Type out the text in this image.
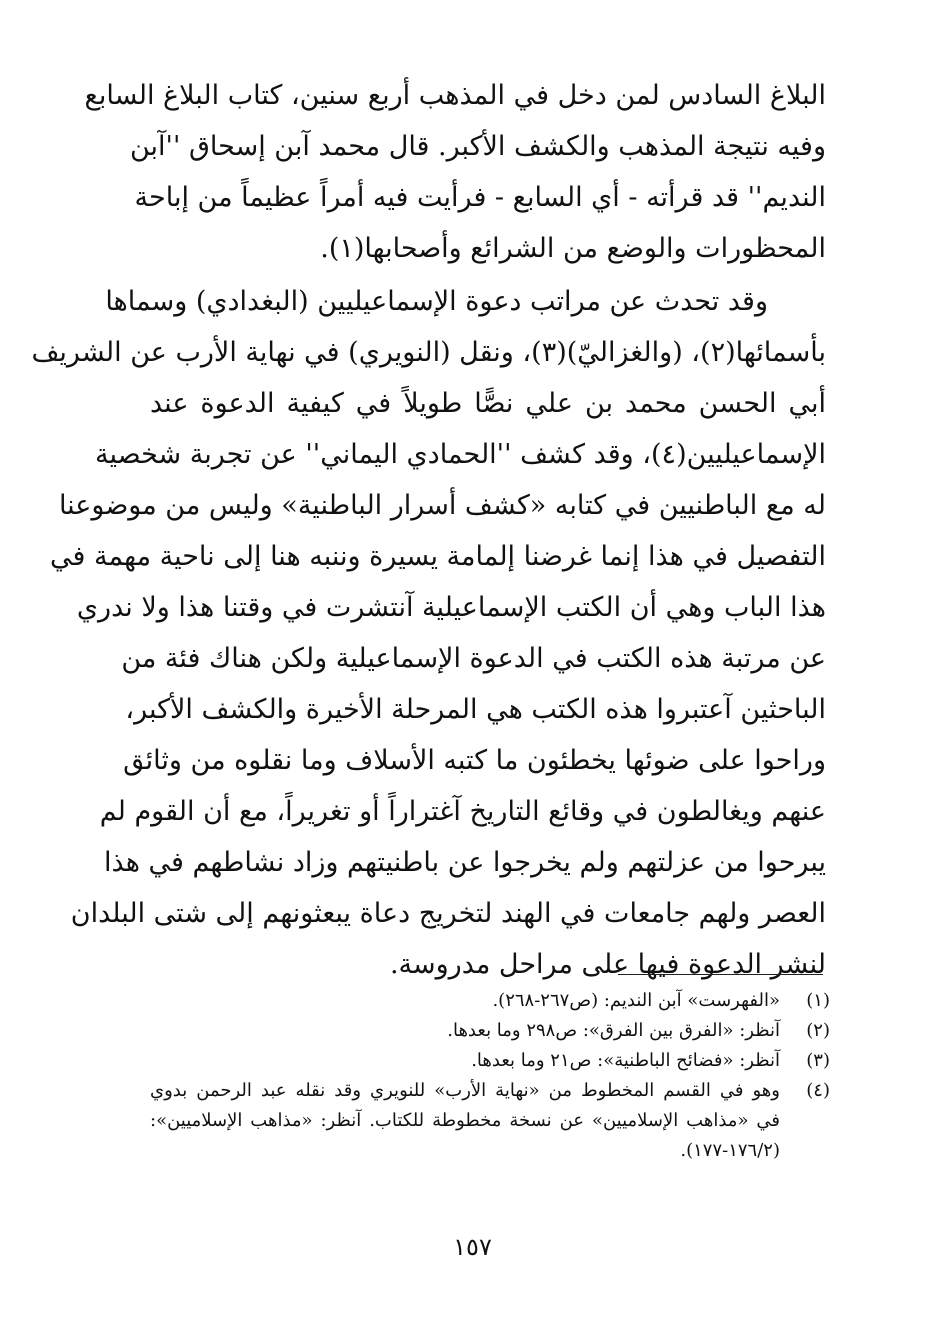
البلاغ السادس لمن دخل في المذهب أربع سنين، كتاب البلاغ السابع
وفيه نتيجة المذهب والكشف الأكبر. قال محمد آبن إسحاق ''آبن
النديم'' قد قرأته - أي السابع - فرأيت فيه أمراً عظيماً من إباحة
المحظورات والوضع من الشرائع وأصحابها(١).
وقد تحدث عن مراتب دعوة الإسماعيليين (البغدادي) وسماها
بأسمائها(٢)، (والغزاليّ)(٣)، ونقل (النويري) في نهاية الأرب عن الشريف
أبي الحسن محمد بن علي نصًّا طويلاً في كيفية الدعوة عند
الإسماعيليين(٤)، وقد كشف ''الحمادي اليماني'' عن تجربة شخصية
له مع الباطنيين في كتابه «كشف أسرار الباطنية» وليس من موضوعنا
التفصيل في هذا إنما غرضنا إلمامة يسيرة وننبه هنا إلى ناحية مهمة في
هذا الباب وهي أن الكتب الإسماعيلية آنتشرت في وقتنا هذا ولا ندري
عن مرتبة هذه الكتب في الدعوة الإسماعيلية ولكن هناك فئة من
الباحثين آعتبروا هذه الكتب هي المرحلة الأخيرة والكشف الأكبر،
وراحوا على ضوئها يخطئون ما كتبه الأسلاف وما نقلوه من وثائق
عنهم ويغالطون في وقائع التاريخ آغتراراً أو تغريراً، مع أن القوم لم
يبرحوا من عزلتهم ولم يخرجوا عن باطنيتهم وزاد نشاطهم في هذا
العصر ولهم جامعات في الهند لتخريج دعاة يبعثونهم إلى شتى البلدان
لنشر الدعوة فيها على مراحل مدروسة.
(١)
«الفهرست» آبن النديم: (ص٢٦٧-٢٦٨).
(٢)
آنظر: «الفرق بين الفرق»: ص٢٩٨ وما بعدها.
(٣)
آنظر: «فضائح الباطنية»: ص٢١ وما بعدها.
(٤)
وهو في القسم المخطوط من «نهاية الأرب» للنويري وقد نقله عبد الرحمن بدوي
في «مذاهب الإسلاميين» عن نسخة مخطوطة للكتاب. آنظر: «مذاهب الإسلاميين»:
(١٧٦/٢-١٧٧).
١٥٧
